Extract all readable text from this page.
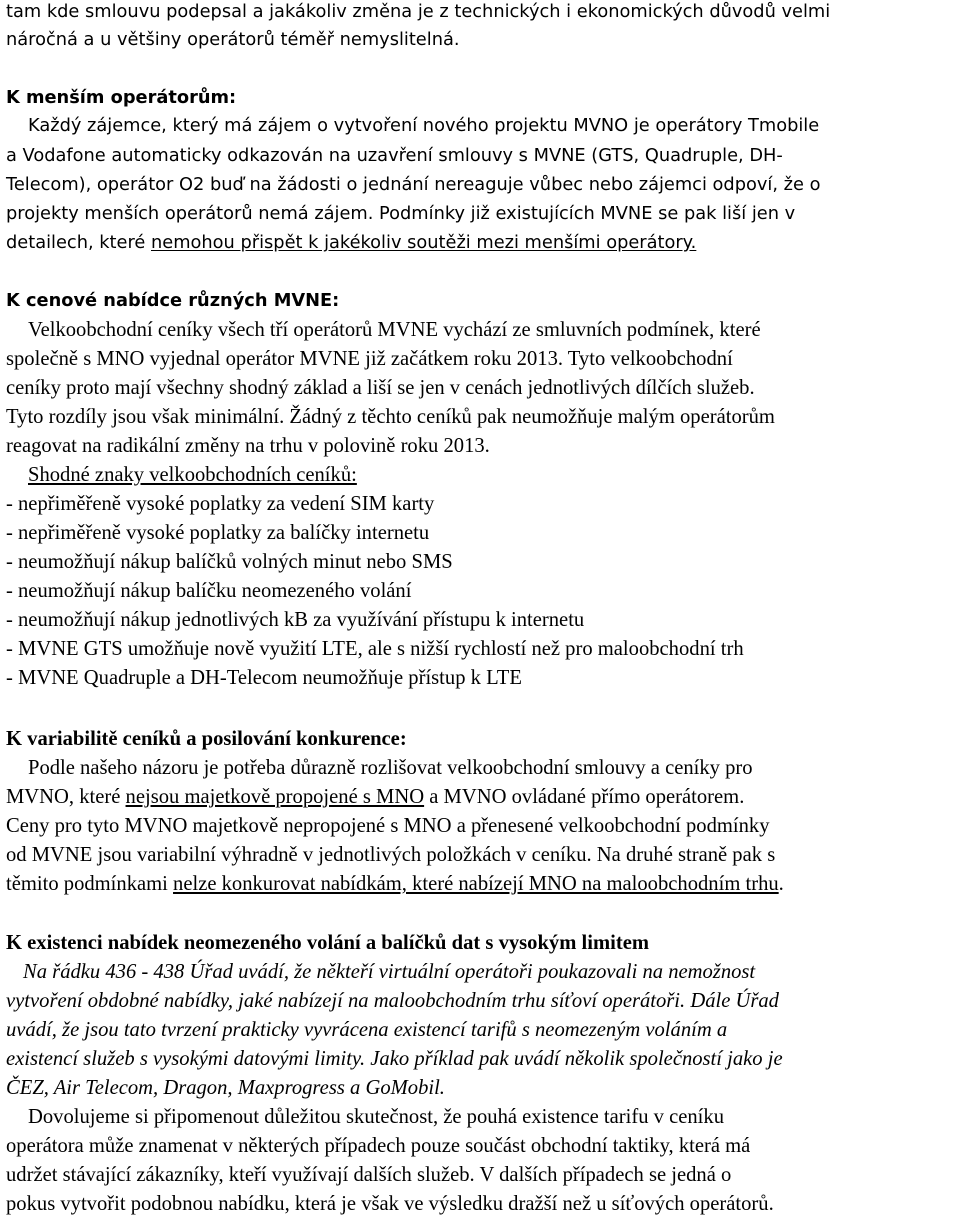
tam kde smlouvu podepsal a jakákoliv změna je z technických i ekonomických důvodů velmi
náročná a u většiny operátorů téměř nemyslitelná.
K menším operátorům:
Každý zájemce, který má zájem o vytvoření nového projektu MVNO je operátory Tmobile
a Vodafone automaticky odkazován na uzavření smlouvy s MVNE (GTS, Quadruple, DH-
Telecom), operátor O2 buď na žádosti o jednání nereaguje vůbec nebo zájemci odpoví, že o
projekty menších operátorů nemá zájem. Podmínky již existujících MVNE se pak liší jen v
detailech, které nemohou přispět k jakékoliv soutěži mezi menšími operátory.
K cenové nabídce různých MVNE:
Velkoobchodní ceníky všech tří operátorů MVNE vychází ze smluvních podmínek, které
společně s MNO vyjednal operátor MVNE již začátkem roku 2013. Tyto velkoobchodní
ceníky proto mají všechny shodný základ a liší se jen v cenách jednotlivých dílčích služeb.
Tyto rozdíly jsou však minimální. Žádný z těchto ceníků pak neumožňuje malým operátorům
reagovat na radikální změny na trhu v polovině roku 2013.
Shodné znaky velkoobchodních ceníků:
- nepřiměřeně vysoké poplatky za vedení SIM karty
- nepřiměřeně vysoké poplatky za balíčky internetu
- neumožňují nákup balíčků volných minut nebo SMS
- neumožňují nákup balíčku neomezeného volání
- neumožňují nákup jednotlivých kB za využívání přístupu k internetu
- MVNE GTS umožňuje nově využití LTE, ale s nižší rychlostí než pro maloobchodní trh
- MVNE Quadruple a DH-Telecom neumožňuje přístup k LTE
K variabilitě ceníků a posilování konkurence:
Podle našeho názoru je potřeba důrazně rozlišovat velkoobchodní smlouvy a ceníky pro
MVNO, které nejsou majetkově propojené s MNO a MVNO ovládané přímo operátorem.
Ceny pro tyto MVNO majetkově nepropojené s MNO a přenesené velkoobchodní podmínky
od MVNE jsou variabilní výhradně v jednotlivých položkách v ceníku. Na druhé straně pak s
těmito podmínkami nelze konkurovat nabídkám, které nabízejí MNO na maloobchodním trhu.
K existenci nabídek neomezeného volání a balíčků dat s vysokým limitem
Na řádku 436 - 438 Úřad uvádí, že někteří virtuální operátoři poukazovali na nemožnost
vytvoření obdobné nabídky, jaké nabízejí na maloobchodním trhu síťoví operátoři. Dále Úřad
uvádí, že jsou tato tvrzení prakticky vyvrácena existencí tarifů s neomezeným voláním a
existencí služeb s vysokými datovými limity. Jako příklad pak uvádí několik společností jako je
ČEZ, Air Telecom, Dragon, Maxprogress a GoMobil.
Dovolujeme si připomenout důležitou skutečnost, že pouhá existence tarifu v ceníku
operátora může znamenat v některých případech pouze součást obchodní taktiky, která má
udržet stávající zákazníky, kteří využívají dalších služeb. V dalších případech se jedná o
pokus vytvořit podobnou nabídku, která je však ve výsledku dražší než u síťových operátorů.
